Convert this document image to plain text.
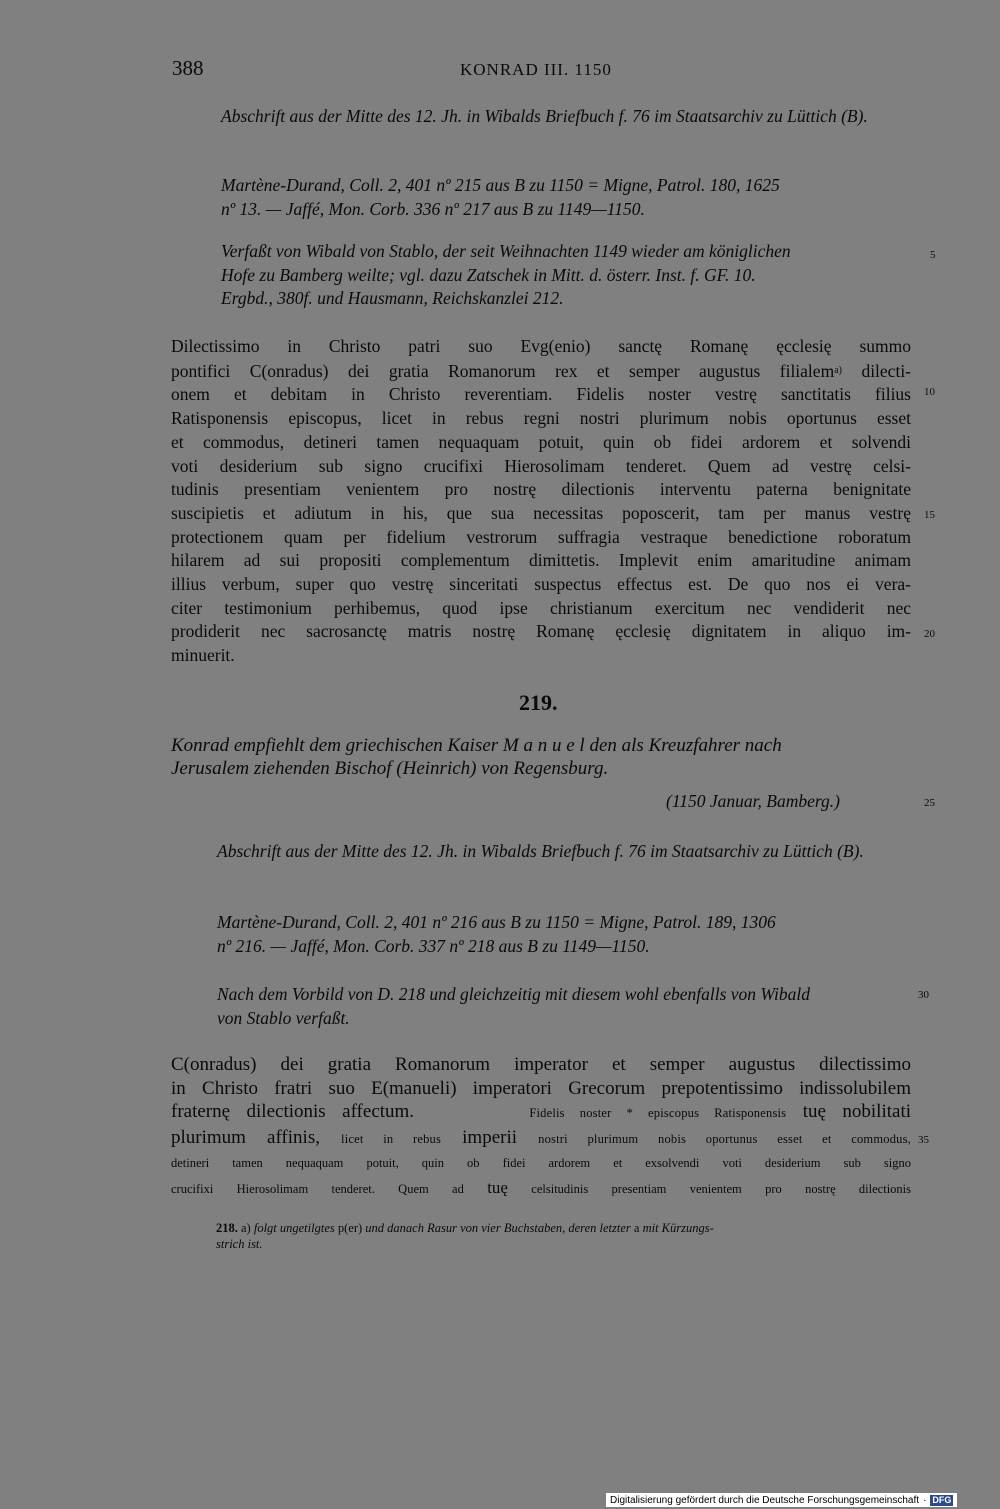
388	KONRAD III. 1150
Abschrift aus der Mitte des 12. Jh. in Wibalds Briefbuch f. 76 im Staatsarchiv zu Lüttich (B).
Martène-Durand, Coll. 2, 401 nº 215 aus B zu 1150 = Migne, Patrol. 180, 1625
nº 13. — Jaffé, Mon. Corb. 336 nº 217 aus B zu 1149—1150.
Verfaßt von Wibald von Stablo, der seit Weihnachten 1149 wieder am königlichen
Hofe zu Bamberg weilte; vgl. dazu Zatschek in Mitt. d. österr. Inst. f. GF. 10.
Ergbd., 380f. und Hausmann, Reichskanzlei 212.
Dilectissimo in Christo patri suo Evg(enio) sanctę Romanę ęcclesię summo
pontifici C(onradus) dei gratia Romanorum rex et semper augustus filialem$^{a)}$ dilecti-
onem et debitam in Christo reverentiam. Fidelis noster vestrę sanctitatis filius
Ratisponensis episcopus, licet in rebus regni nostri plurimum nobis oportunus esset
et commodus, detineri tamen nequaquam potuit, quin ob fidei ardorem et solvendi
voti desiderium sub signo crucifixi Hierosolimam tenderet. Quem ad vestrę celsi-
tudinis presentiam venientem pro nostrę dilectionis interventu paterna benignitate
suscipietis et adiutum in his, que sua necessitas poposcerit, tam per manus vestrę
protectionem quam per fidelium vestrorum suffragia vestraque benedictione roboratum
hilarem ad sui propositi complementum dimittetis. Implevit enim amaritudine animam
illius verbum, super quo vestrę sinceritati suspectus effectus est. De quo nos ei vera-
citer testimonium perhibemus, quod ipse christianum exercitum nec vendiderit nec
prodiderit nec sacrosanctę matris nostrę Romanę ęcclesię dignitatem in aliquo im-
minuerit.
219.
Konrad empfiehlt dem griechischen Kaiser M a n u e l den als Kreuzfahrer nach
Jerusalem ziehenden Bischof (Heinrich) von Regensburg.
(1150 Januar, Bamberg.)
Abschrift aus der Mitte des 12. Jh. in Wibalds Briefbuch f. 76 im Staatsarchiv zu Lüttich (B).
Martène-Durand, Coll. 2, 401 nº 216 aus B zu 1150 = Migne, Patrol. 189, 1306
nº 216. — Jaffé, Mon. Corb. 337 nº 218 aus B zu 1149—1150.
Nach dem Vorbild von D. 218 und gleichzeitig mit diesem wohl ebenfalls von Wibald
von Stablo verfaßt.
C(onradus) dei gratia Romanorum imperator et semper augustus dilectissimo
in Christo fratri suo E(manueli) imperatori Grecorum prepotentissimo indissolubilem
fraternę dilectionis affectum.	Fidelis noster * episcopus Ratisponensis tuę nobilitati
plurimum affinis, licet in rebus imperii nostri plurimum nobis oportunus esset et commodus,
detineri tamen nequaquam potuit, quin ob fidei ardorem et exsolvendi voti desiderium sub signo
crucifixi Hierosolimam tenderet. Quem ad tuę celsitudinis presentiam venientem pro nostrę dilectionis
218. a) folgt ungetilgtes p(er) und danach Rasur von vier Buchstaben, deren letzter a mit Kürzungs-
strich ist.
5
10
15
20
25
30
35
Digitalisierung gefördert durch die Deutsche Forschungsgemeinschaft · DFG
